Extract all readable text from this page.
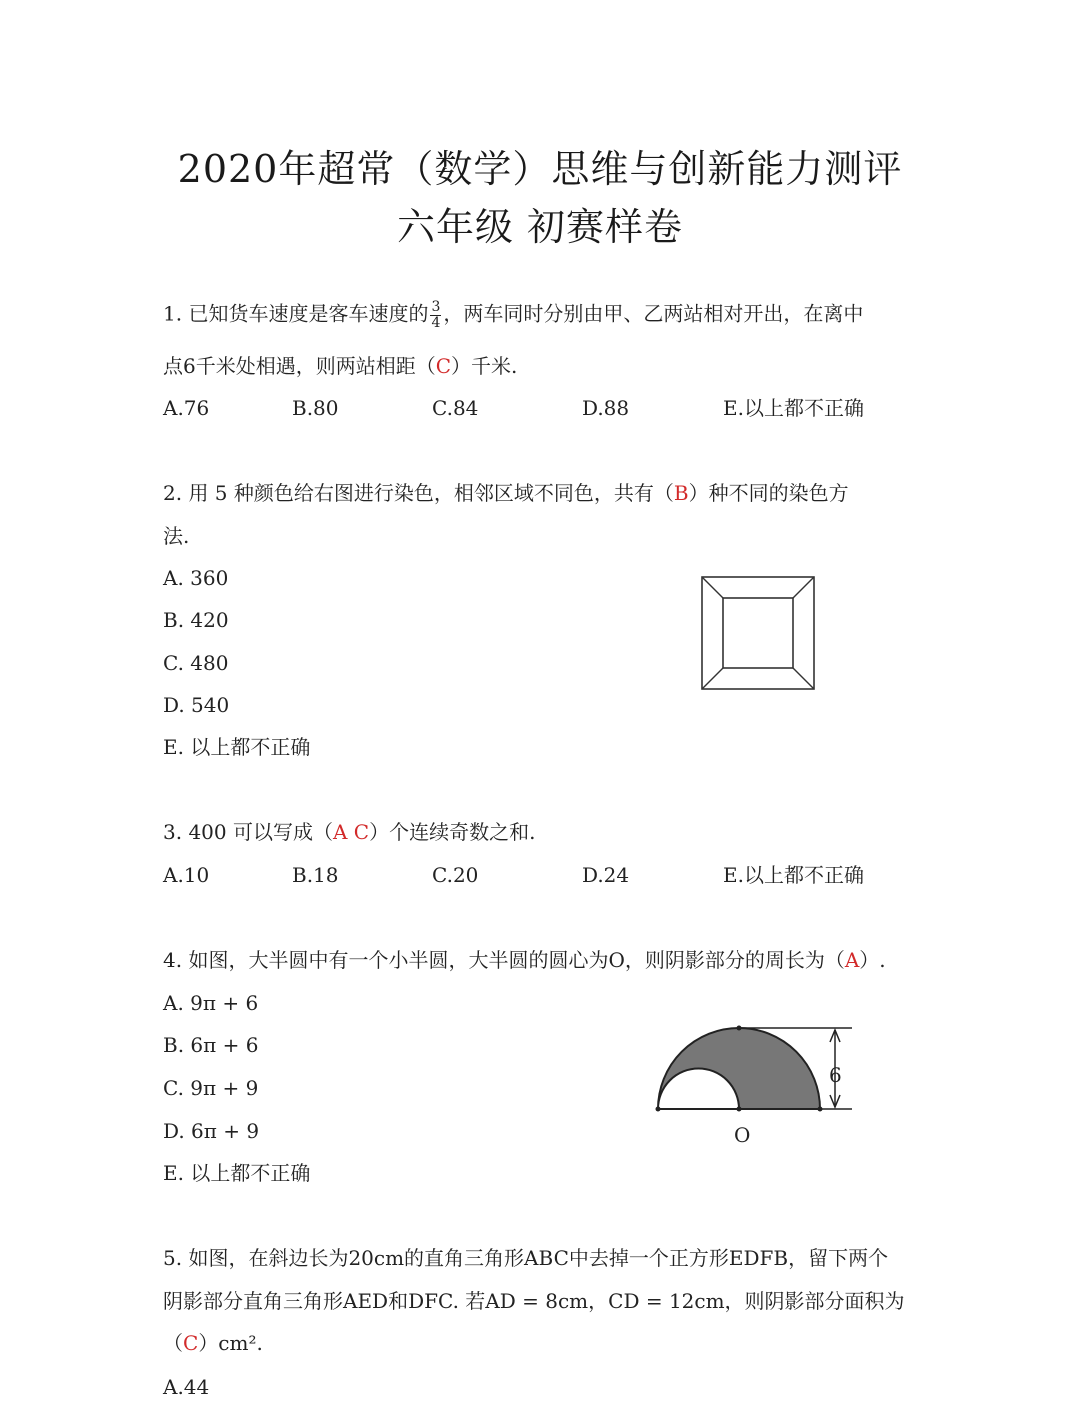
2020年超常（数学）思维与创新能力测评
六年级 初赛样卷
1. 已知货车速度是客车速度的 $\frac{3}{4}$ ，两车同时分别由甲、乙两站相对开出，在离中
点6千米处相遇，则两站相距（C）千米.
A.76	B.80	C.84	D.88	E.以上都不正确
2. 用 5 种颜色给右图进行染色，相邻区域不同色，共有（B）种不同的染色方
法.
A. 360
B. 420
C. 480
D. 540
E. 以上都不正确
3. 400 可以写成（A C）个连续奇数之和.
A.10	B.18	C.20	D.24	E.以上都不正确
4. 如图，大半圆中有一个小半圆，大半圆的圆心为O，则阴影部分的周长为（A）.
A. 9π + 6
B. 6π + 6
C. 9π + 9
D. 6π + 9
E. 以上都不正确
6
O
5. 如图，在斜边长为20cm的直角三角形ABC中去掉一个正方形EDFB，留下两个
阴影部分直角三角形AED和DFC. 若AD = 8cm，CD = 12cm，则阴影部分面积为
（C）cm².
A.44
